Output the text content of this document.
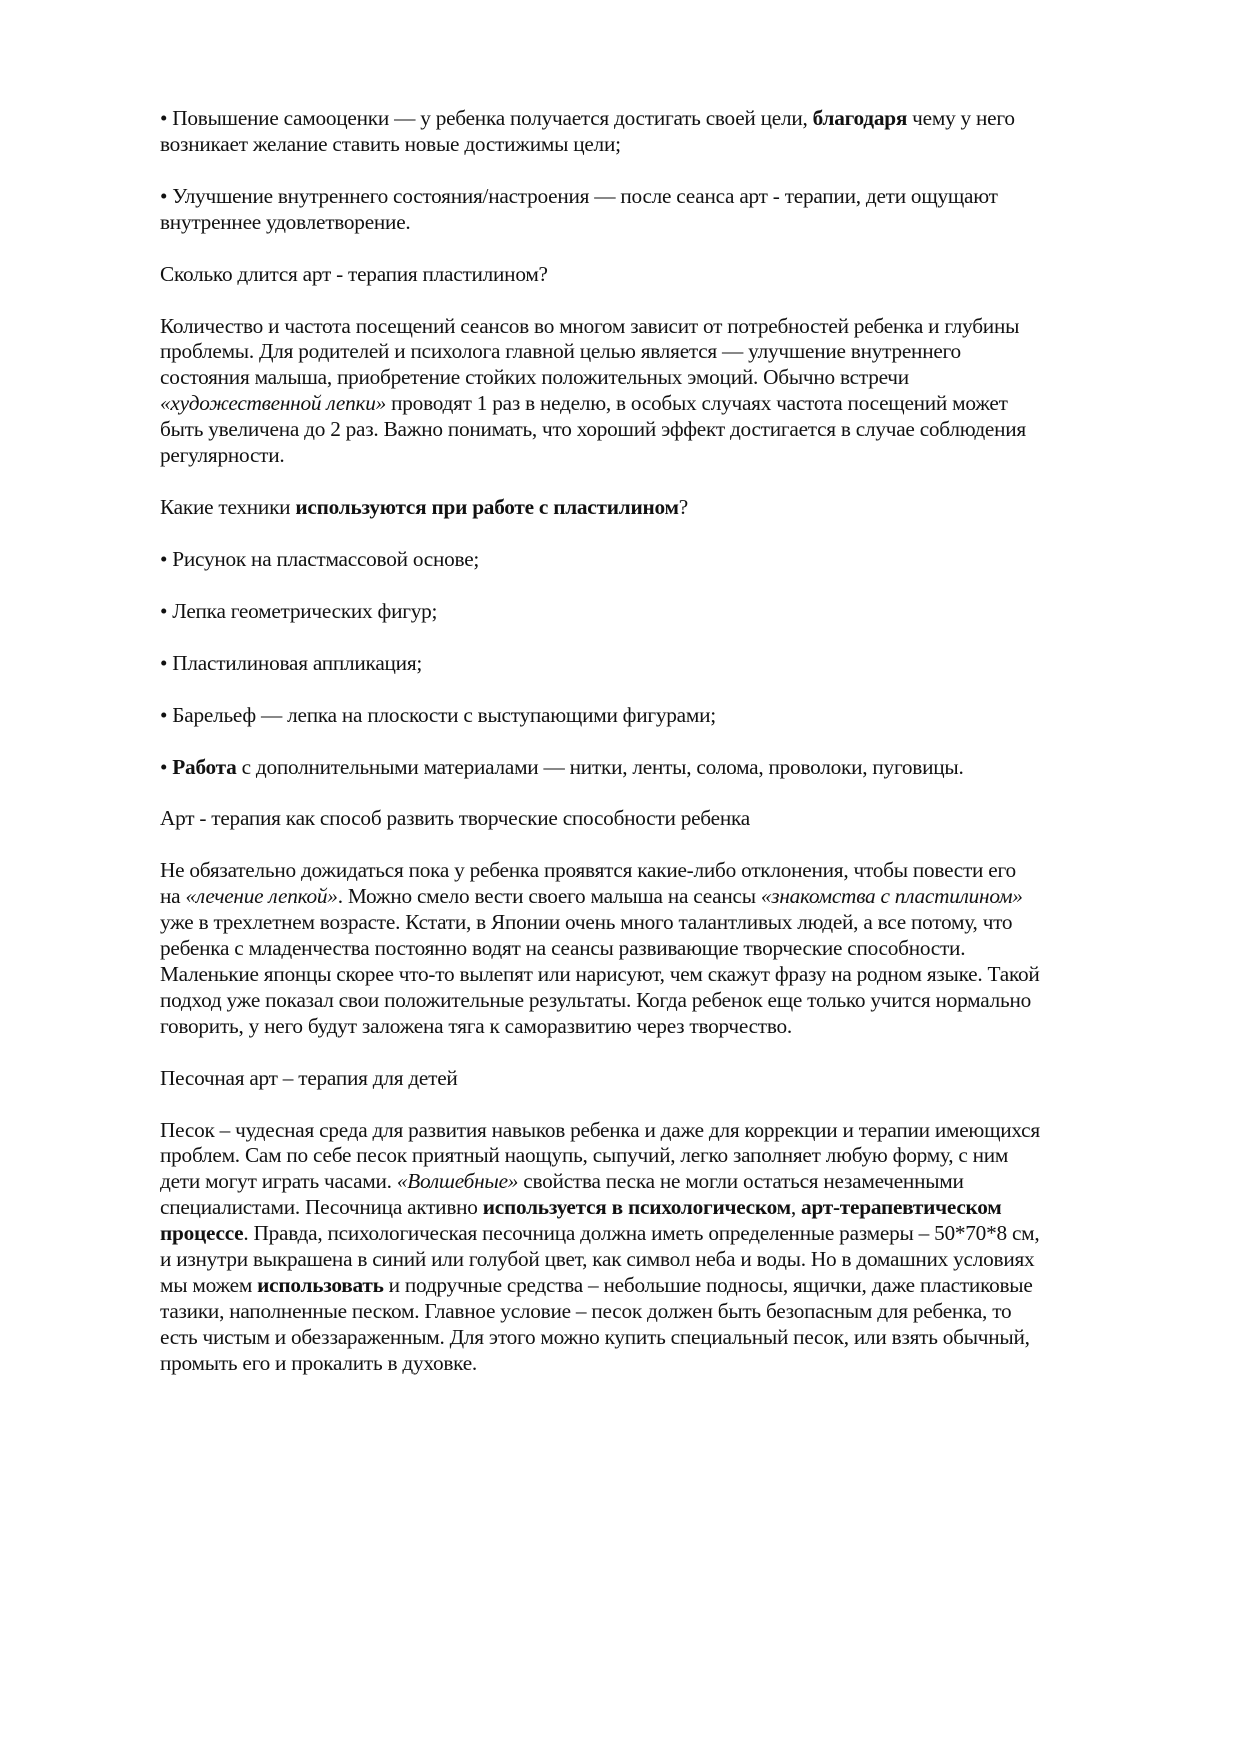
• Повышение самооценки — у ребенка получается достигать своей цели, благодаря чему у него возникает желание ставить новые достижимы цели;

• Улучшение внутреннего состояния/настроения — после сеанса арт - терапии, дети ощущают внутреннее удовлетворение.

Сколько длится арт - терапия пластилином?

Количество и частота посещений сеансов во многом зависит от потребностей ребенка и глубины проблемы. Для родителей и психолога главной целью является — улучшение внутреннего состояния малыша, приобретение стойких положительных эмоций. Обычно встречи «художественной лепки» проводят 1 раз в неделю, в особых случаях частота посещений может быть увеличена до 2 раз. Важно понимать, что хороший эффект достигается в случае соблюдения регулярности.

Какие техники используются при работе с пластилином?

• Рисунок на пластмассовой основе;

• Лепка геометрических фигур;

• Пластилиновая аппликация;

• Барельеф — лепка на плоскости с выступающими фигурами;

• Работа с дополнительными материалами — нитки, ленты, солома, проволоки, пуговицы.

Арт - терапия как способ развить творческие способности ребенка

Не обязательно дожидаться пока у ребенка проявятся какие-либо отклонения, чтобы повести его на «лечение лепкой». Можно смело вести своего малыша на сеансы «знакомства с пластилином» уже в трехлетнем возрасте. Кстати, в Японии очень много талантливых людей, а все потому, что ребенка с младенчества постоянно водят на сеансы развивающие творческие способности. Маленькие японцы скорее что-то вылепят или нарисуют, чем скажут фразу на родном языке. Такой подход уже показал свои положительные результаты. Когда ребенок еще только учится нормально говорить, у него будут заложена тяга к саморазвитию через творчество.

Песочная арт – терапия для детей

Песок – чудесная среда для развития навыков ребенка и даже для коррекции и терапии имеющихся проблем. Сам по себе песок приятный наощупь, сыпучий, легко заполняет любую форму, с ним дети могут играть часами. «Волшебные» свойства песка не могли остаться незамеченными специалистами. Песочница активно используется в психологическом, арт-терапевтическом процессе. Правда, психологическая песочница должна иметь определенные размеры – 50*70*8 см, и изнутри выкрашена в синий или голубой цвет, как символ неба и воды. Но в домашних условиях мы можем использовать и подручные средства – небольшие подносы, ящички, даже пластиковые тазики, наполненные песком. Главное условие – песок должен быть безопасным для ребенка, то есть чистым и обеззараженным. Для этого можно купить специальный песок, или взять обычный, промыть его и прокалить в духовке.
